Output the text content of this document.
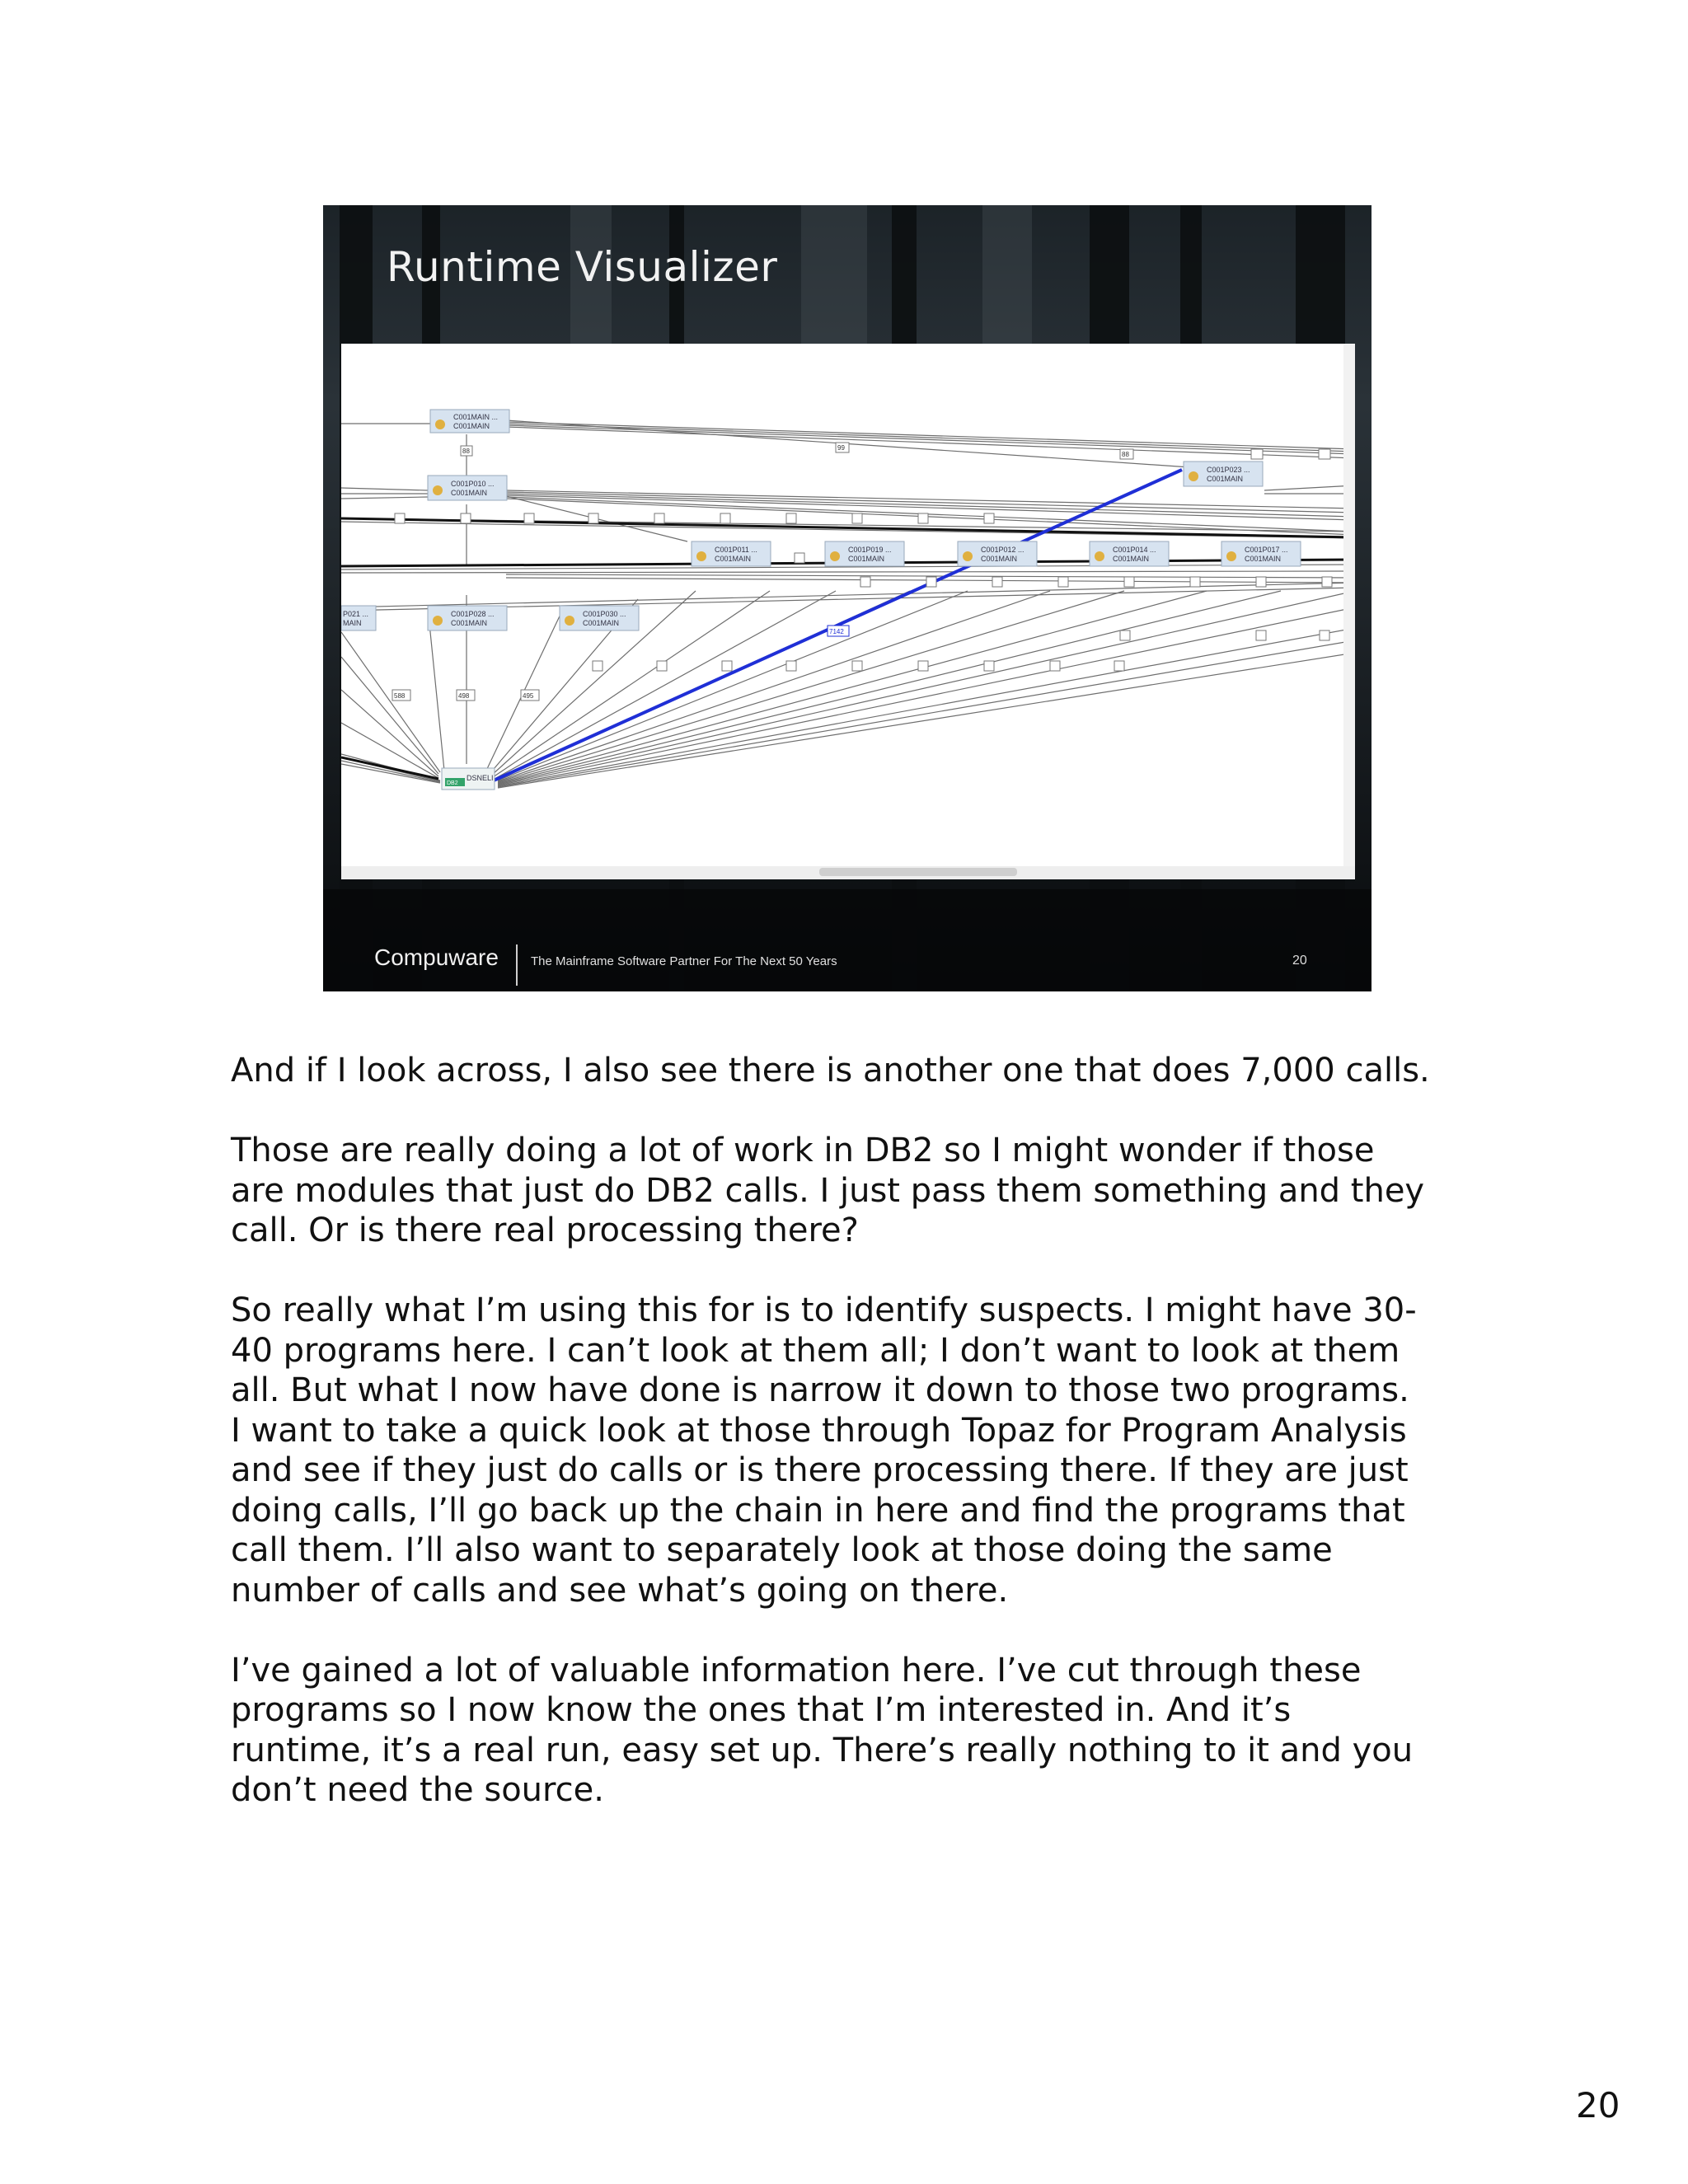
Runtime Visualizer
C001MAIN ...
C001MAIN
C001P010 ...
C001MAIN
C001P011 ...
C001MAIN
C001P019 ...
C001MAIN
C001P012 ...
C001MAIN
C001P014 ...
C001MAIN
C001P017 ...
C001MAIN
C001P023 ...
C001MAIN
C001P028 ...
C001MAIN
C001P030 ...
C001MAIN
P021 ...
MAIN
DB2
DSNELI
88	99
88
7142
588	498	495
Compuware	The Mainframe Software Partner For The Next 50 Years	20

And if I look across, I also see there is another one that does 7,000 calls.

Those are really doing a lot of work in DB2 so I might wonder if those
are modules that just do DB2 calls. I just pass them something and they
call. Or is there real processing there?

So really what I’m using this for is to identify suspects. I might have 30-
40 programs here. I can’t look at them all; I don’t want to look at them
all. But what I now have done is narrow it down to those two programs.
I want to take a quick look at those through Topaz for Program Analysis
and see if they just do calls or is there processing there. If they are just
doing calls, I’ll go back up the chain in here and find the programs that
call them. I’ll also want to separately look at those doing the same
number of calls and see what’s going on there.

I’ve gained a lot of valuable information here. I’ve cut through these
programs so I now know the ones that I’m interested in. And it’s
runtime, it’s a real run, easy set up. There’s really nothing to it and you
don’t need the source.

20
